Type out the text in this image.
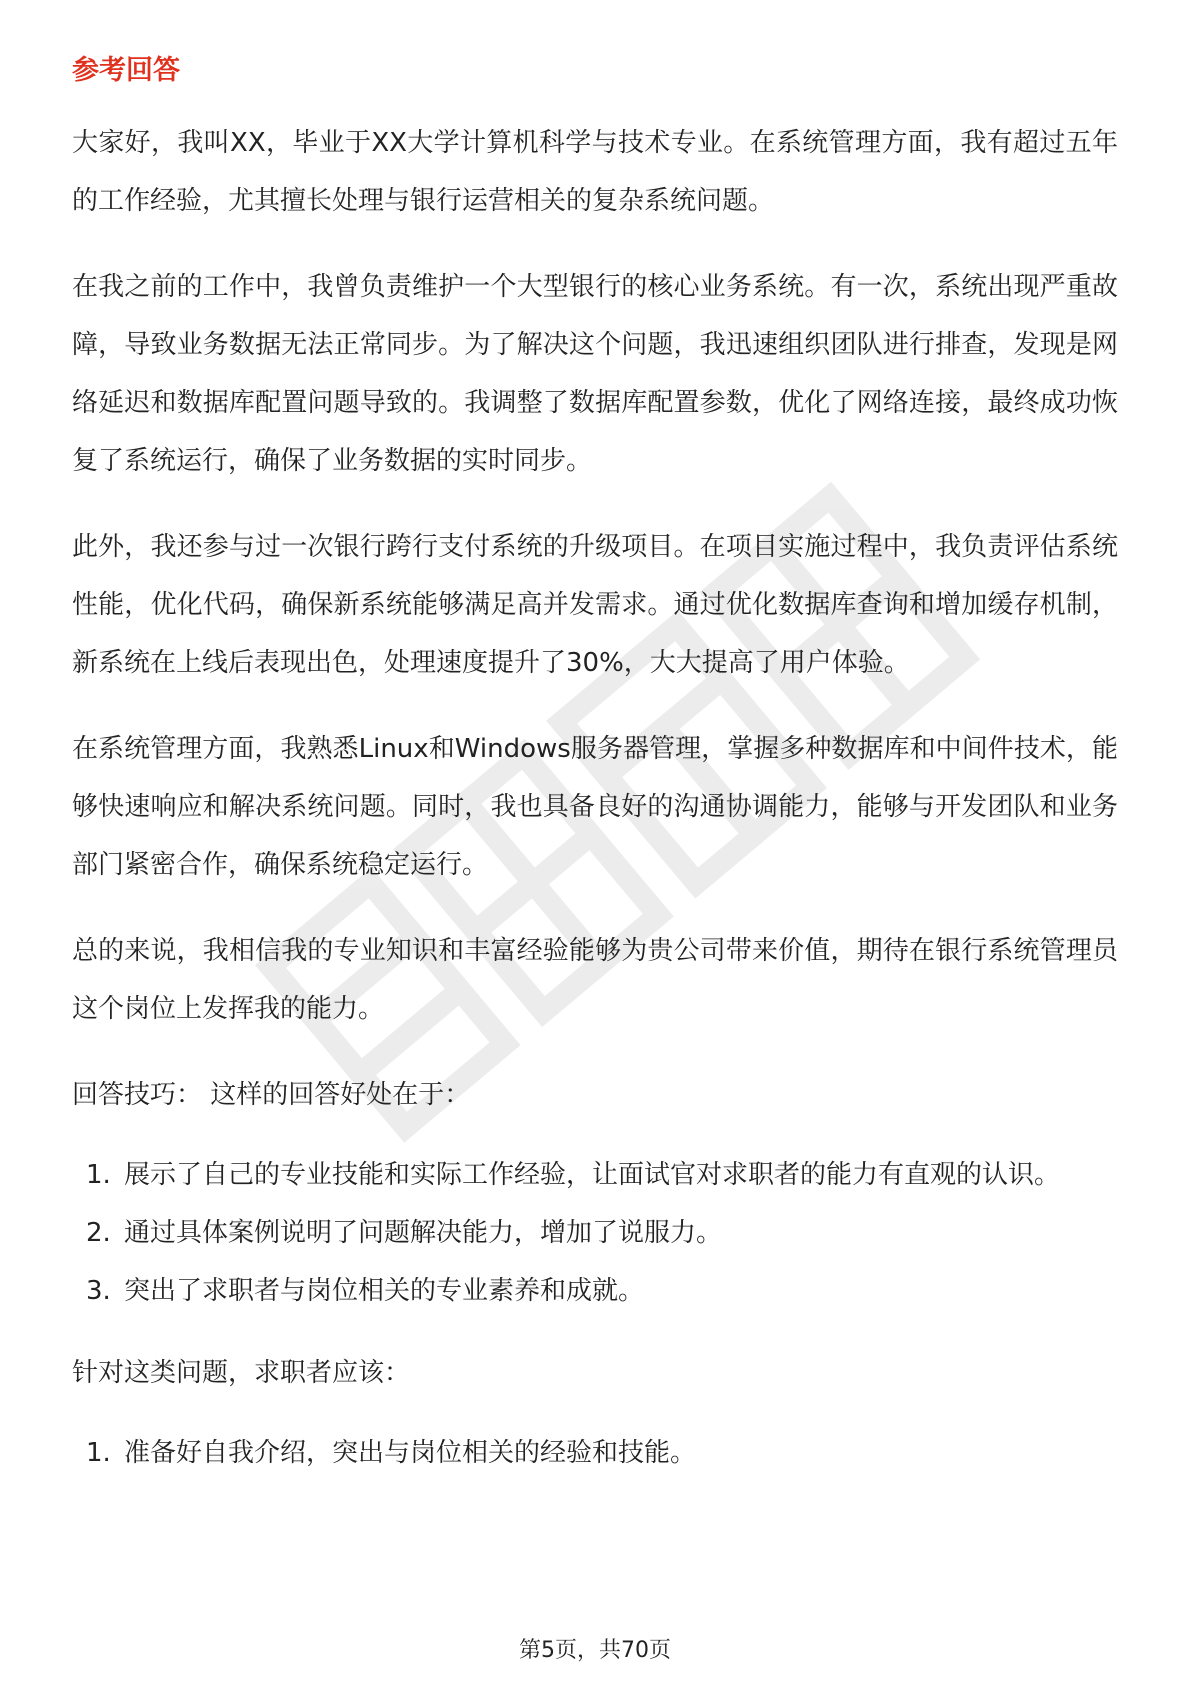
参考回答

大家好，我叫XX，毕业于XX大学计算机科学与技术专业。在系统管理方面，我有超过五年的工作经验，尤其擅长处理与银行运营相关的复杂系统问题。

在我之前的工作中，我曾负责维护一个大型银行的核心业务系统。有一次，系统出现严重故障，导致业务数据无法正常同步。为了解决这个问题，我迅速组织团队进行排查，发现是网络延迟和数据库配置问题导致的。我调整了数据库配置参数，优化了网络连接，最终成功恢复了系统运行，确保了业务数据的实时同步。

此外，我还参与过一次银行跨行支付系统的升级项目。在项目实施过程中，我负责评估系统性能，优化代码，确保新系统能够满足高并发需求。通过优化数据库查询和增加缓存机制，新系统在上线后表现出色，处理速度提升了30%，大大提高了用户体验。

在系统管理方面，我熟悉Linux和Windows服务器管理，掌握多种数据库和中间件技术，能够快速响应和解决系统问题。同时，我也具备良好的沟通协调能力，能够与开发团队和业务部门紧密合作，确保系统稳定运行。

总的来说，我相信我的专业知识和丰富经验能够为贵公司带来价值，期待在银行系统管理员这个岗位上发挥我的能力。

回答技巧： 这样的回答好处在于：

1. 展示了自己的专业技能和实际工作经验，让面试官对求职者的能力有直观的认识。
2. 通过具体案例说明了问题解决能力，增加了说服力。
3. 突出了求职者与岗位相关的专业素养和成就。

针对这类问题，求职者应该：

1. 准备好自我介绍，突出与岗位相关的经验和技能。
第5页，共70页
